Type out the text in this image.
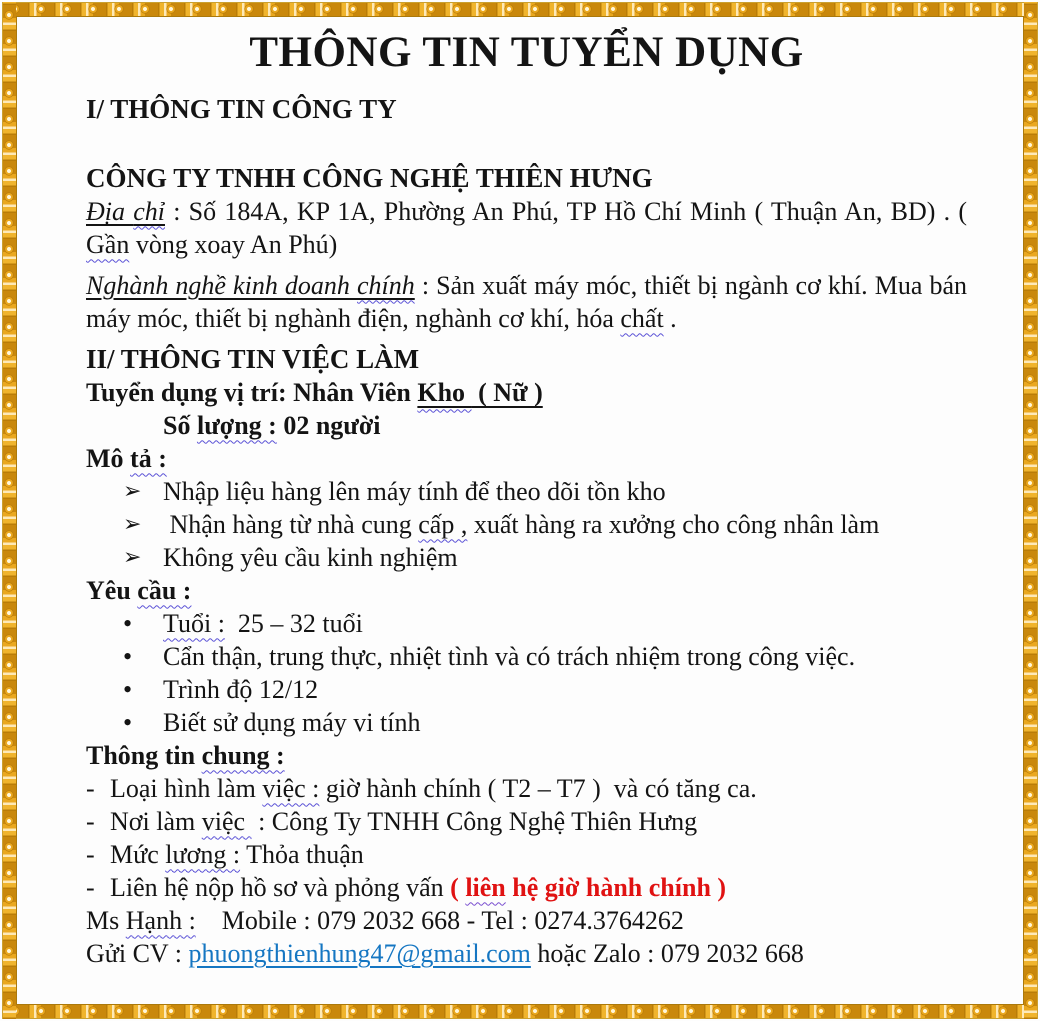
THÔNG TIN TUYỂN DỤNG
I/ THÔNG TIN CÔNG TY
CÔNG TY TNHH CÔNG NGHỆ THIÊN HƯNG
Địa chỉ : Số 184A, KP 1A, Phường An Phú, TP Hồ Chí Minh ( Thuận An, BD) . ( Gần vòng xoay An Phú)
Nghành nghề kinh doanh chính : Sản xuất máy móc, thiết bị ngành cơ khí. Mua bán máy móc, thiết bị nghành điện, nghành cơ khí, hóa chất .
II/ THÔNG TIN VIỆC LÀM
Tuyển dụng vị trí: Nhân Viên Kho  ( Nữ )
Số lượng : 02 người
Mô tả :
➢ Nhập liệu hàng lên máy tính để theo dõi tồn kho
➢ Nhận hàng từ nhà cung cấp , xuất hàng ra xưởng cho công nhân làm
➢ Không yêu cầu kinh nghiệm
Yêu cầu :
•	Tuổi :  25 – 32 tuổi
•	Cẩn thận, trung thực, nhiệt tình và có trách nhiệm trong công việc.
•	Trình độ 12/12
•	Biết sử dụng máy vi tính
Thông tin chung :
- Loại hình làm việc : giờ hành chính ( T2 – T7 )  và có tăng ca.
- Nơi làm việc  : Công Ty TNHH Công Nghệ Thiên Hưng
- Mức lương : Thỏa thuận
- Liên hệ nộp hồ sơ và phỏng vấn ( liên hệ giờ hành chính )
Ms Hạnh :    Mobile : 079 2032 668 - Tel : 0274.3764262
Gửi CV : phuongthienhung47@gmail.com hoặc Zalo : 079 2032 668
